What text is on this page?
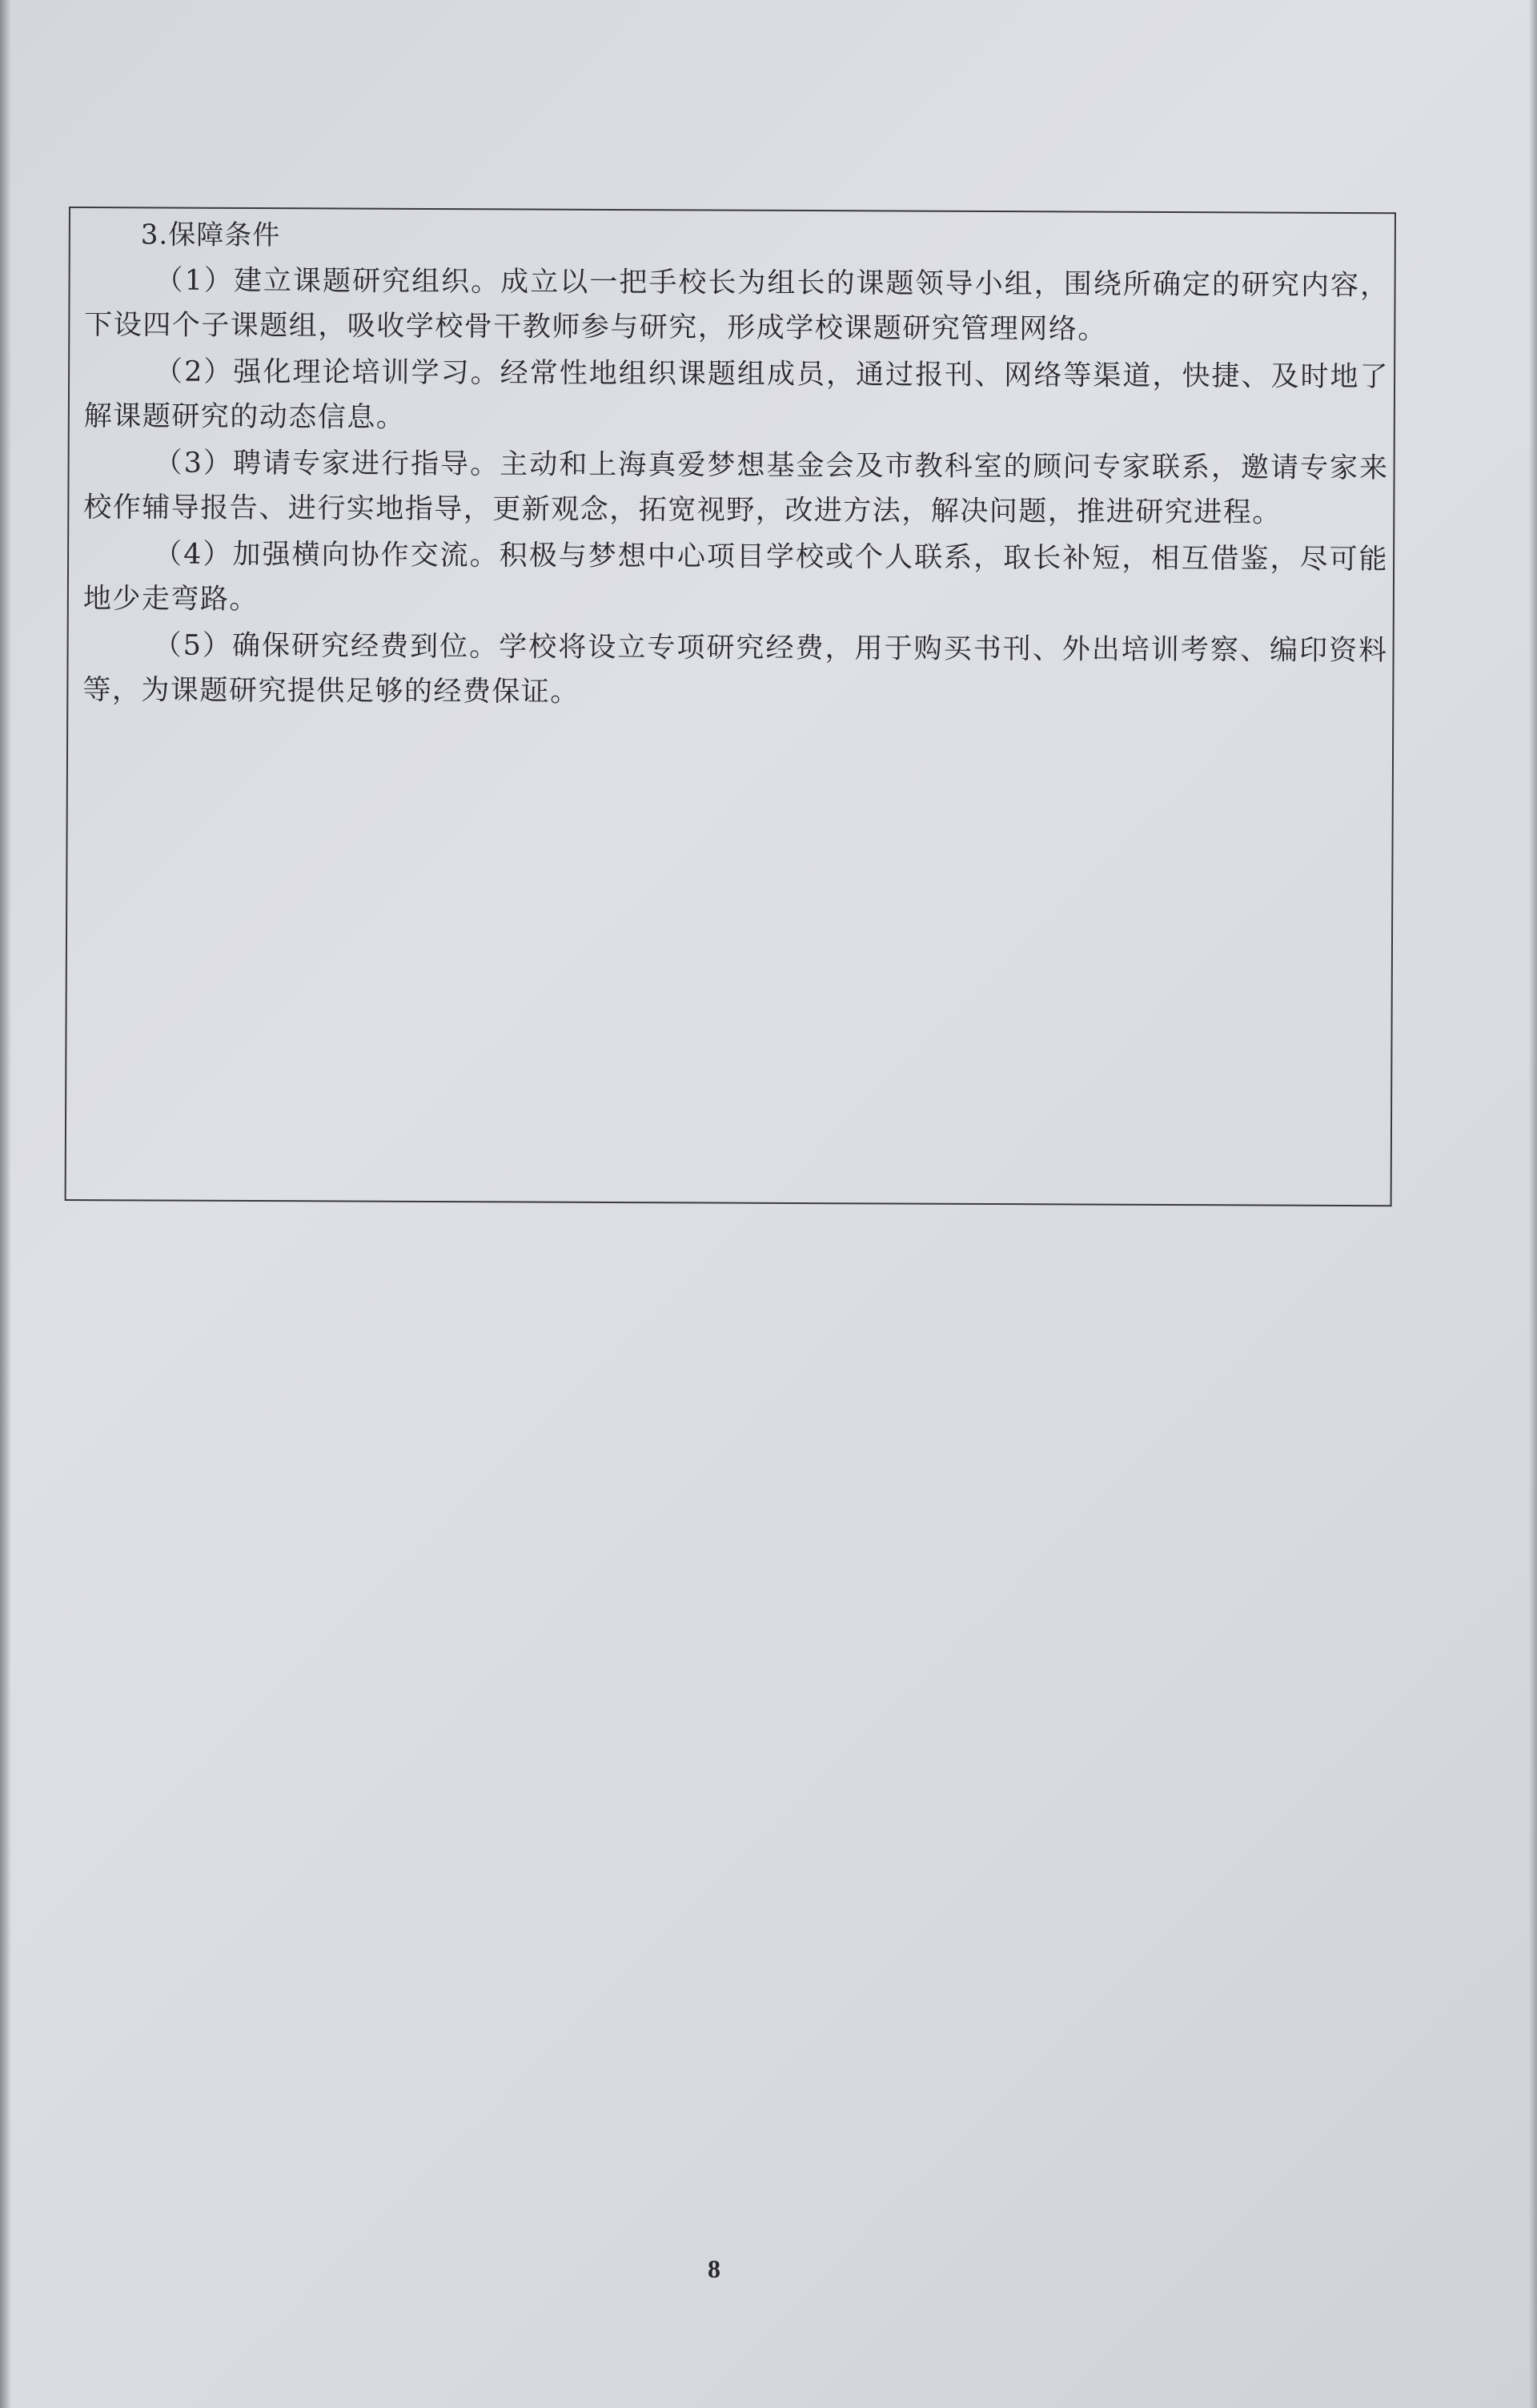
3.保障条件

（1）建立课题研究组织。成立以一把手校长为组长的课题领导小组，围绕所确定的研究内容，下设四个子课题组，吸收学校骨干教师参与研究，形成学校课题研究管理网络。

（2）强化理论培训学习。经常性地组织课题组成员，通过报刊、网络等渠道，快捷、及时地了解课题研究的动态信息。

（3）聘请专家进行指导。主动和上海真爱梦想基金会及市教科室的顾问专家联系，邀请专家来校作辅导报告、进行实地指导，更新观念，拓宽视野，改进方法，解决问题，推进研究进程。

（4）加强横向协作交流。积极与梦想中心项目学校或个人联系，取长补短，相互借鉴，尽可能地少走弯路。

（5）确保研究经费到位。学校将设立专项研究经费，用于购买书刊、外出培训考察、编印资料等，为课题研究提供足够的经费保证。

8
